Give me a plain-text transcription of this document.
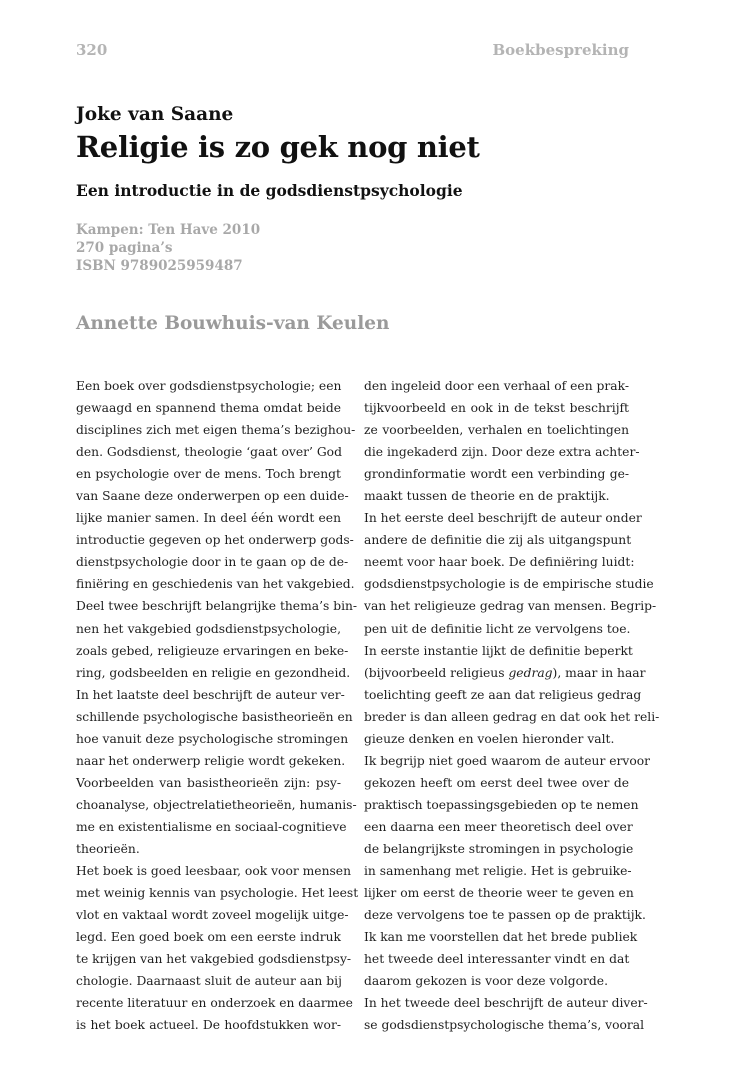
320	Boekbespreking
Joke van Saane
Religie is zo gek nog niet
Een introductie in de godsdienstpsychologie
Kampen: Ten Have 2010
270 pagina’s
ISBN 9789025959487
Annette Bouwhuis-van Keulen
Een boek over godsdienstpsychologie; een
gewaagd en spannend thema omdat beide
disciplines zich met eigen thema’s bezighou-
den. Godsdienst, theologie ‘gaat over’ God
en psychologie over de mens. Toch brengt
van Saane deze onderwerpen op een duide-
lijke manier samen. In deel één wordt een
introductie gegeven op het onderwerp gods-
dienstpsychologie door in te gaan op de de-
finiëring en geschiedenis van het vakgebied.
Deel twee beschrijft belangrijke thema’s bin-
nen het vakgebied godsdienstpsychologie,
zoals gebed, religieuze ervaringen en beke-
ring, godsbeelden en religie en gezondheid.
In het laatste deel beschrijft de auteur ver-
schillende psychologische basistheorieën en
hoe vanuit deze psychologische stromingen
naar het onderwerp religie wordt gekeken.
Voorbeelden van basistheorieën zijn: psy-
choanalyse, objectrelatietheorieën, humanis-
me en existentialisme en sociaal-cognitieve
theorieën.
Het boek is goed leesbaar, ook voor mensen
met weinig kennis van psychologie. Het leest
vlot en vaktaal wordt zoveel mogelijk uitge-
legd. Een goed boek om een eerste indruk
te krijgen van het vakgebied godsdienstpsy-
chologie. Daarnaast sluit de auteur aan bij
recente literatuur en onderzoek en daarmee
is het boek actueel. De hoofdstukken wor-
den ingeleid door een verhaal of een prak-
tijkvoorbeeld en ook in de tekst beschrijft
ze voorbeelden, verhalen en toelichtingen
die ingekaderd zijn. Door deze extra achter-
grondinformatie wordt een verbinding ge-
maakt tussen de theorie en de praktijk.
In het eerste deel beschrijft de auteur onder
andere de definitie die zij als uitgangspunt
neemt voor haar boek. De definiëring luidt:
godsdienstpsychologie is de empirische studie
van het religieuze gedrag van mensen. Begrip-
pen uit de definitie licht ze vervolgens toe.
In eerste instantie lijkt de definitie beperkt
(bijvoorbeeld religieus gedrag), maar in haar
toelichting geeft ze aan dat religieus gedrag
breder is dan alleen gedrag en dat ook het reli-
gieuze denken en voelen hieronder valt.
Ik begrijp niet goed waarom de auteur ervoor
gekozen heeft om eerst deel twee over de
praktisch toepassingsgebieden op te nemen
een daarna een meer theoretisch deel over
de belangrijkste stromingen in psychologie
in samenhang met religie. Het is gebruike-
lijker om eerst de theorie weer te geven en
deze vervolgens toe te passen op de praktijk.
Ik kan me voorstellen dat het brede publiek
het tweede deel interessanter vindt en dat
daarom gekozen is voor deze volgorde.
In het tweede deel beschrijft de auteur diver-
se godsdienstpsychologische thema’s, vooral
